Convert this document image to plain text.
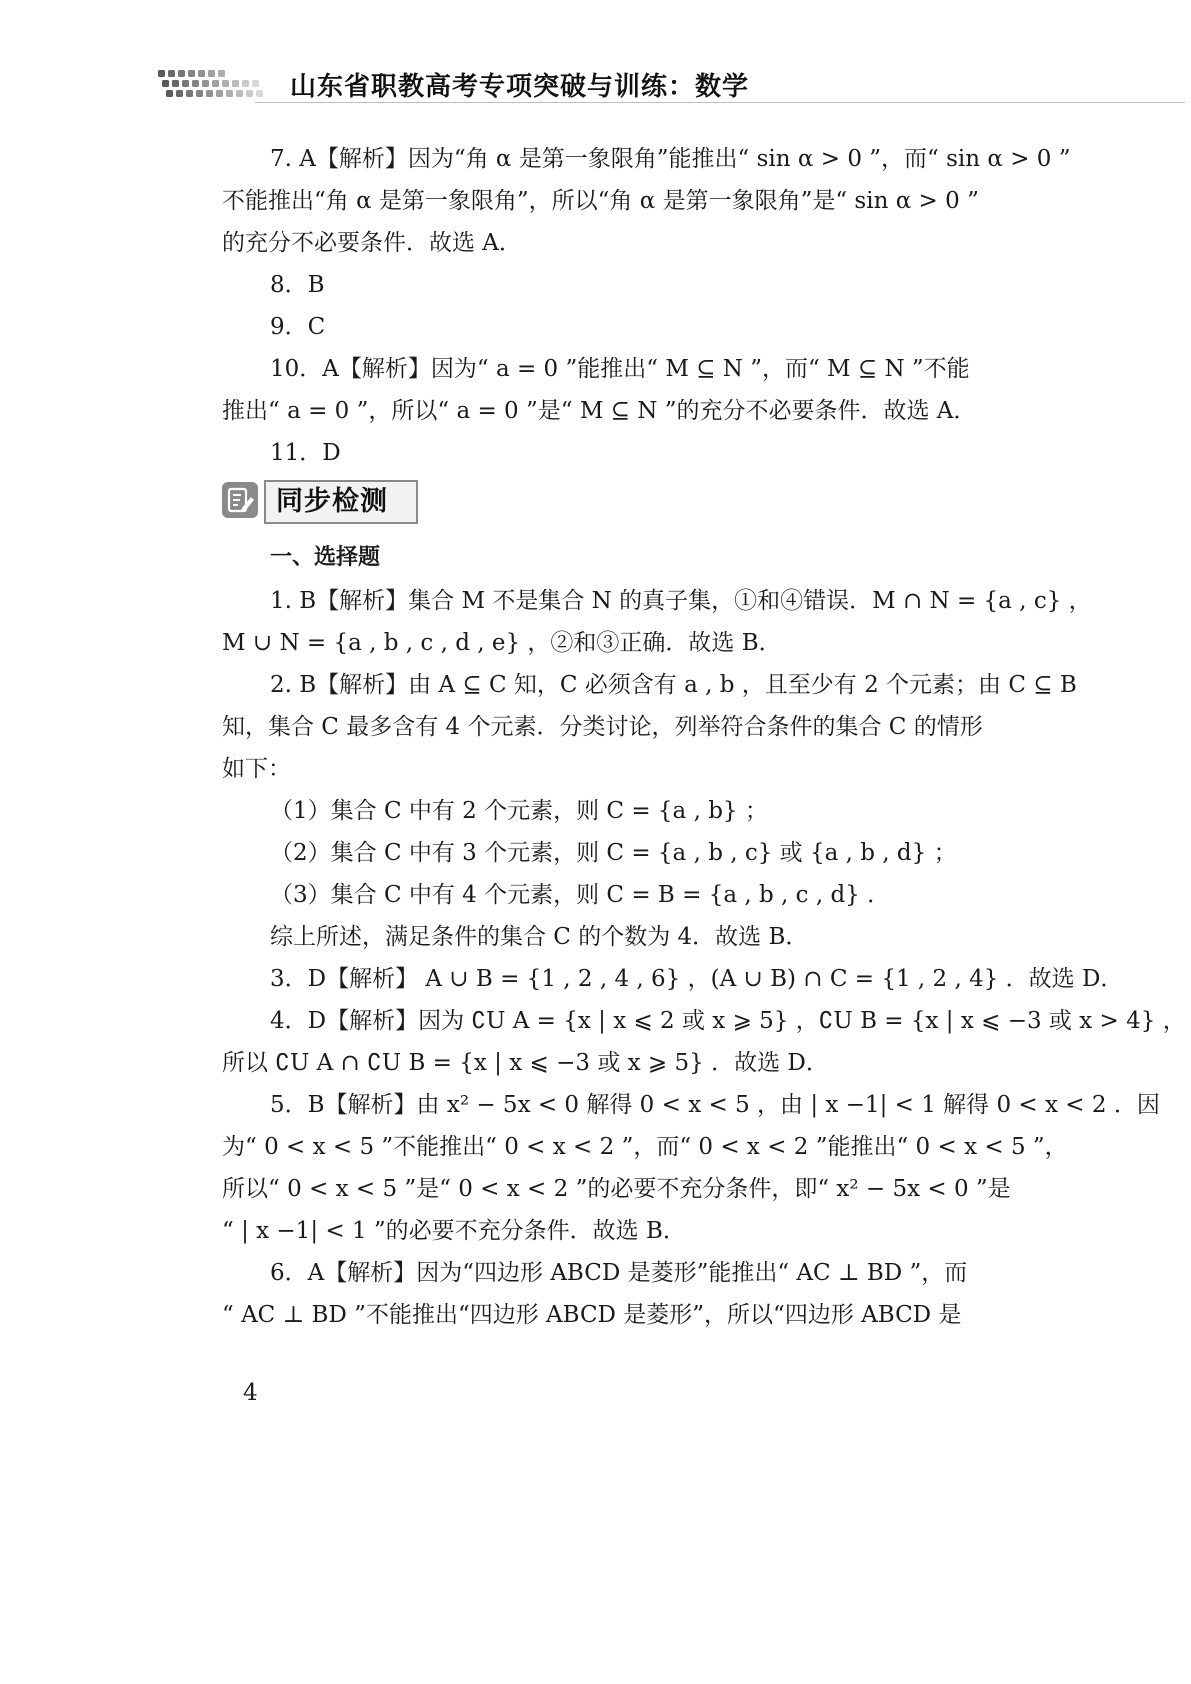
山东省职教高考专项突破与训练：数学
7. A【解析】因为“角 α 是第一象限角”能推出“ sin α > 0 ”，而“ sin α > 0 ”
不能推出“角 α 是第一象限角”，所以“角 α 是第一象限角”是“ sin α > 0 ”
的充分不必要条件．故选 A．
8．B
9．C
10．A【解析】因为“ a = 0 ”能推出“ M ⊆ N ”，而“ M ⊆ N ”不能
推出“ a = 0 ”，所以“ a = 0 ”是“ M ⊆ N ”的充分不必要条件．故选 A．
11．D
同步检测
一、选择题
1. B【解析】集合 M 不是集合 N 的真子集，①和④错误．M ∩ N = {a , c} ，
M ∪ N = {a , b , c , d , e} ，②和③正确．故选 B．
2. B【解析】由 A ⊆ C 知，C 必须含有 a , b ，且至少有 2 个元素；由 C ⊆ B
知，集合 C 最多含有 4 个元素．分类讨论，列举符合条件的集合 C 的情形
如下：
（1）集合 C 中有 2 个元素，则 C = {a , b} ；
（2）集合 C 中有 3 个元素，则 C = {a , b , c} 或 {a , b , d} ；
（3）集合 C 中有 4 个元素，则 C = B = {a , b , c , d} ．
综上所述，满足条件的集合 C 的个数为 4．故选 B．
3．D【解析】 A ∪ B = {1 , 2 , 4 , 6} ，(A ∪ B) ∩ C = {1 , 2 , 4} ．故选 D．
4．D【解析】因为 ∁U A = {x | x ⩽ 2 或 x ⩾ 5} ，∁U B = {x | x ⩽ −3 或 x > 4} ，
所以 ∁U A ∩ ∁U B = {x | x ⩽ −3 或 x ⩾ 5} ．故选 D．
5．B【解析】由 x² − 5x < 0 解得 0 < x < 5 ，由 | x −1| < 1 解得 0 < x < 2 ．因
为“ 0 < x < 5 ”不能推出“ 0 < x < 2 ”，而“ 0 < x < 2 ”能推出“ 0 < x < 5 ”，
所以“ 0 < x < 5 ”是“ 0 < x < 2 ”的必要不充分条件，即“ x² − 5x < 0 ”是
“ | x −1| < 1 ”的必要不充分条件．故选 B．
6．A【解析】因为“四边形 ABCD 是菱形”能推出“ AC ⊥ BD ”，而
“ AC ⊥ BD ”不能推出“四边形 ABCD 是菱形”，所以“四边形 ABCD 是
4
